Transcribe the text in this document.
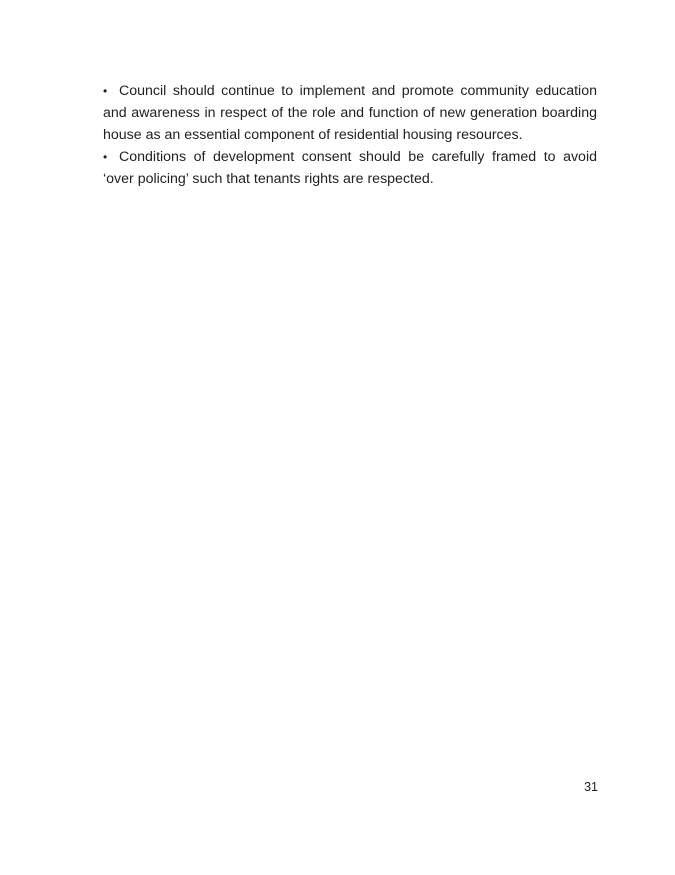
• Council should continue to implement and promote community education and awareness in respect of the role and function of new generation boarding house as an essential component of residential housing resources.
• Conditions of development consent should be carefully framed to avoid ‘over policing’ such that tenants rights are respected.
31
